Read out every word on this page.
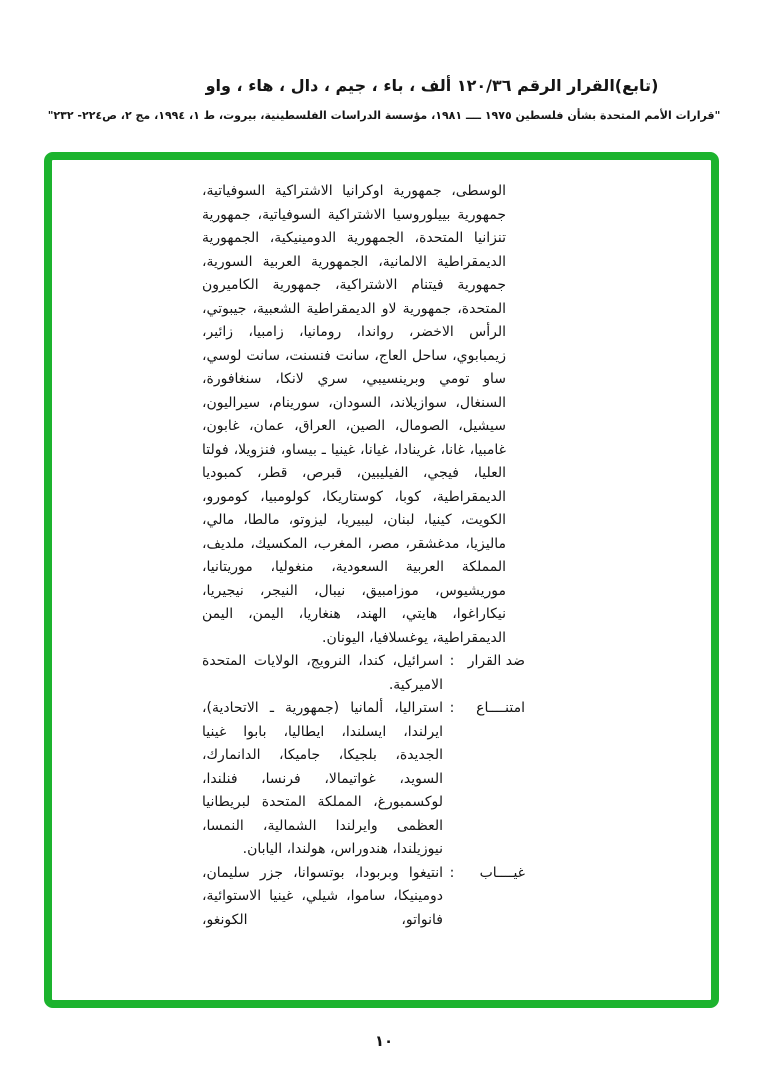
(تابع)القرار الرقم ١٢٠/٣٦ ألف ، باء ، جيم ، دال ، هاء ، واو
"قرارات الأمم المتحدة بشأن فلسطين ١٩٧٥ ــــ ١٩٨١، مؤسسة الدراسات الفلسطينية، بيروت، ط ١، ١٩٩٤، مج ٢، ص٢٢٤- ٢٣٢"

الوسطى، جمهورية اوكرانيا الاشتراكية السوفياتية، جمهورية بييلوروسيا الاشتراكية السوفياتية، جمهورية تنزانيا المتحدة، الجمهورية الدومينيكية، الجمهورية الديمقراطية الالمانية، الجمهورية العربية السورية، جمهورية فيتنام الاشتراكية، جمهورية الكاميرون المتحدة، جمهورية لاو الديمقراطية الشعبية، جيبوتي، الرأس الاخضر، رواندا، رومانيا، زامبيا، زائير، زيمبابوي، ساحل العاج، سانت فنسنت، سانت لوسي، ساو تومي وبرينسيبي، سري لانكا، سنغافورة، السنغال، سوازيلاند، السودان، سورينام، سيراليون، سيشيل، الصومال، الصين، العراق، عمان، غابون، غامبيا، غانا، غرينادا، غيانا، غينيا ـ بيساو، فنزويلا، فولتا العليا، فيجي، الفيليبين، قبرص، قطر، كمبوديا الديمقراطية، كوبا، كوستاريكا، كولومبيا، كومورو، الكويت، كينيا، لبنان، ليبيريا، ليزوتو، مالطا، مالي، ماليزيا، مدغشقر، مصر، المغرب، المكسيك، ملديف، المملكة العربية السعودية، منغوليا، موريتانيا، موريشيوس، موزامبيق، نيبال، النيجر، نيجيريا، نيكاراغوا، هايتي، الهند، هنغاريا، اليمن، اليمن الديمقراطية، يوغسلافيا، اليونان.

ضد القرار
:

اسرائيل، كندا، النرويج، الولايات المتحدة الاميركية.

امتنــــاع
:

استراليا، ألمانيا (جمهورية ـ الاتحادية)، ايرلندا، ايسلندا، ايطاليا، بابوا غينيا الجديدة، بلجيكا، جاميكا، الدانمارك، السويد، غواتيمالا، فرنسا، فنلندا، لوكسمبورغ، المملكة المتحدة لبريطانيا العظمى وايرلندا الشمالية، النمسا، نيوزيلندا، هندوراس، هولندا، اليابان.

غيــــاب
:

انتيغوا وبربودا، بوتسوانا، جزر سليمان، دومينيكا، ساموا، شيلي، غينيا الاستوائية، فانواتو، الكونغو،

١٠
